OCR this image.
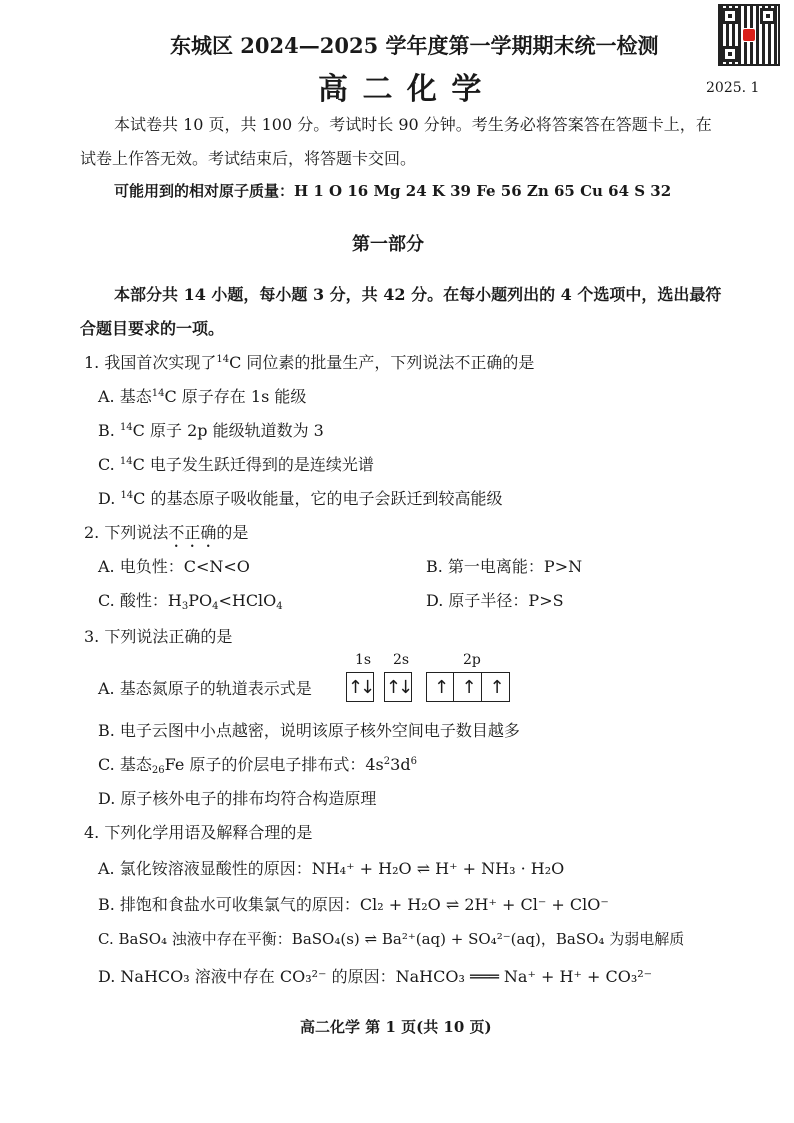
东城区 2024—2025 学年度第一学期期末统一检测
高 二 化 学	2025. 1
本试卷共 10 页，共 100 分。考试时长 90 分钟。考生务必将答案答在答题卡上，在
试卷上作答无效。考试结束后，将答题卡交回。
可能用到的相对原子质量：H 1 O 16 Mg 24 K 39 Fe 56 Zn 65 Cu 64 S 32
第一部分
本部分共 14 小题，每小题 3 分，共 42 分。在每小题列出的 4 个选项中，选出最符
合题目要求的一项。
1. 我国首次实现了$^{14}$C 同位素的批量生产，下列说法不正确的是
A. 基态$^{14}$C 原子存在 1s 能级
B. $^{14}$C 原子 2p 能级轨道数为 3
C. $^{14}$C 电子发生跃迁得到的是连续光谱
D. $^{14}$C 的基态原子吸收能量，它的电子会跃迁到较高能级
2. 下列说法不正确的是
A. 电负性：C<N<O	B. 第一电离能：P>N
C. 酸性：$H_3PO_4<HClO_4$	D. 原子半径：P>S
3. 下列说法正确的是
A. 基态氮原子的轨道表示式是
1s 2s	2p
↑↓ ↑↓	↑ ↑ ↑
B. 电子云图中小点越密，说明该原子核外空间电子数目越多
C. 基态$_{26}$Fe 原子的价层电子排布式：$4s^23d^6$
D. 原子核外电子的排布均符合构造原理
4. 下列化学用语及解释合理的是
A. 氯化铵溶液显酸性的原因：NH₄⁺ + H₂O ⇌ H⁺ + NH₃ · H₂O
B. 排饱和食盐水可收集氯气的原因：Cl₂ + H₂O ⇌ 2H⁺ + Cl⁻ + ClO⁻
C. BaSO₄ 浊液中存在平衡：BaSO₄(s) ⇌ Ba²⁺(aq) + SO₄²⁻(aq)，BaSO₄ 为弱电解质
D. NaHCO₃ 溶液中存在 CO₃²⁻ 的原因：NaHCO₃ ═══ Na⁺ + H⁺ + CO₃²⁻
高二化学 第 1 页(共 10 页)
